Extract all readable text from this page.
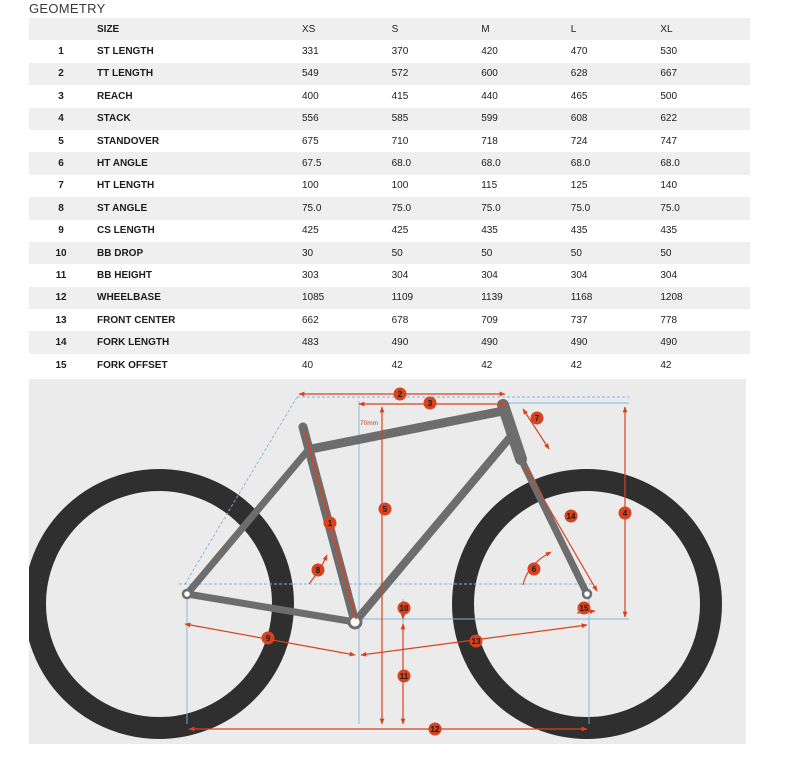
GEOMETRY
	SIZE	XS	S	M	L	XL
1	ST LENGTH	331	370	420	470	530
2	TT LENGTH	549	572	600	628	667
3	REACH	400	415	440	465	500
4	STACK	556	585	599	608	622
5	STANDOVER	675	710	718	724	747
6	HT ANGLE	67.5	68.0	68.0	68.0	68.0
7	HT LENGTH	100	100	115	125	140
8	ST ANGLE	75.0	75.0	75.0	75.0	75.0
9	CS LENGTH	425	425	435	435	435
10	BB DROP	30	50	50	50	50
11	BB HEIGHT	303	304	304	304	304
12	WHEELBASE	1085	1109	1139	1168	1208
13	FRONT CENTER	662	678	709	737	778
14	FORK LENGTH	483	490	490	490	490
15	FORK OFFSET	40	42	42	42	42
70mm
1
2
3
4
5
6
7
8
9
10
11
12
13
14
15
